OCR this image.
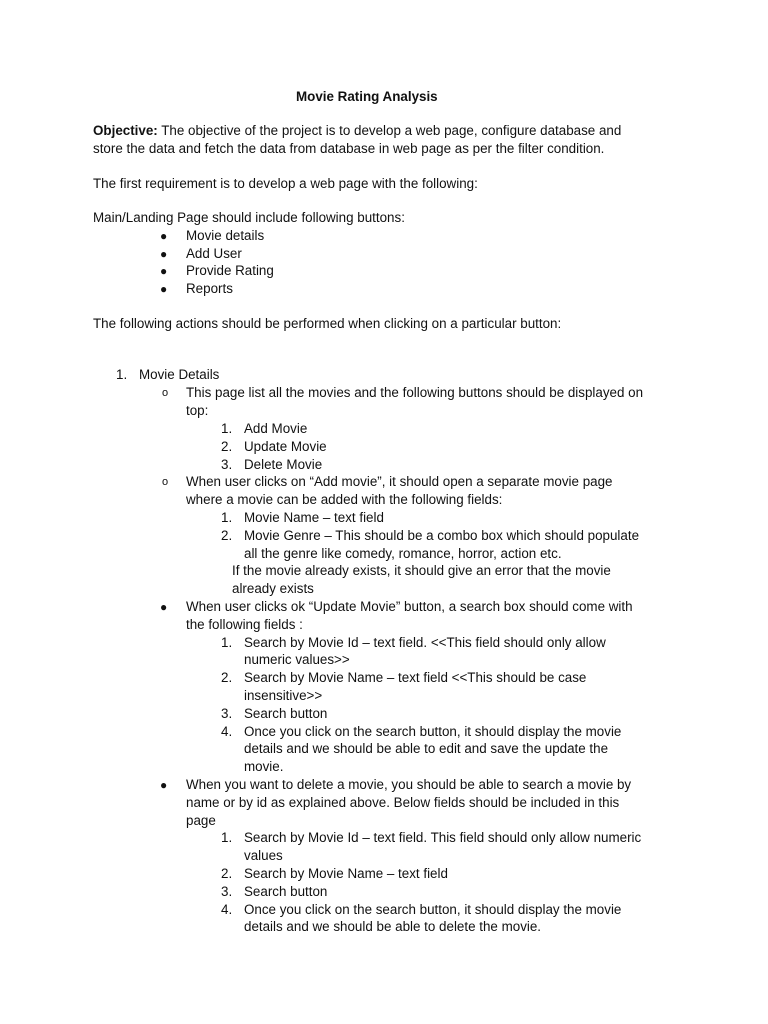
Movie Rating Analysis
Objective: The objective of the project is to develop a web page, configure database and
store the data and fetch the data from database in web page as per the filter condition.
The first requirement is to develop a web page with the following:
Main/Landing Page should include following buttons:
● Movie details
● Add User
● Provide Rating
● Reports
The following actions should be performed when clicking on a particular button:
1. Movie Details
o This page list all the movies and the following buttons should be displayed on
top:
1. Add Movie
2. Update Movie
3. Delete Movie
o When user clicks on “Add movie”, it should open a separate movie page
where a movie can be added with the following fields:
1. Movie Name – text field
2. Movie Genre – This should be a combo box which should populate
all the genre like comedy, romance, horror, action etc.
If the movie already exists, it should give an error that the movie
already exists
● When user clicks ok “Update Movie” button, a search box should come with
the following fields :
1. Search by Movie Id – text field. <<This field should only allow
numeric values>>
2. Search by Movie Name – text field <<This should be case
insensitive>>
3. Search button
4. Once you click on the search button, it should display the movie
details and we should be able to edit and save the update the
movie.
● When you want to delete a movie, you should be able to search a movie by
name or by id as explained above. Below fields should be included in this
page
1. Search by Movie Id – text field. This field should only allow numeric
values
2. Search by Movie Name – text field
3. Search button
4. Once you click on the search button, it should display the movie
details and we should be able to delete the movie.
